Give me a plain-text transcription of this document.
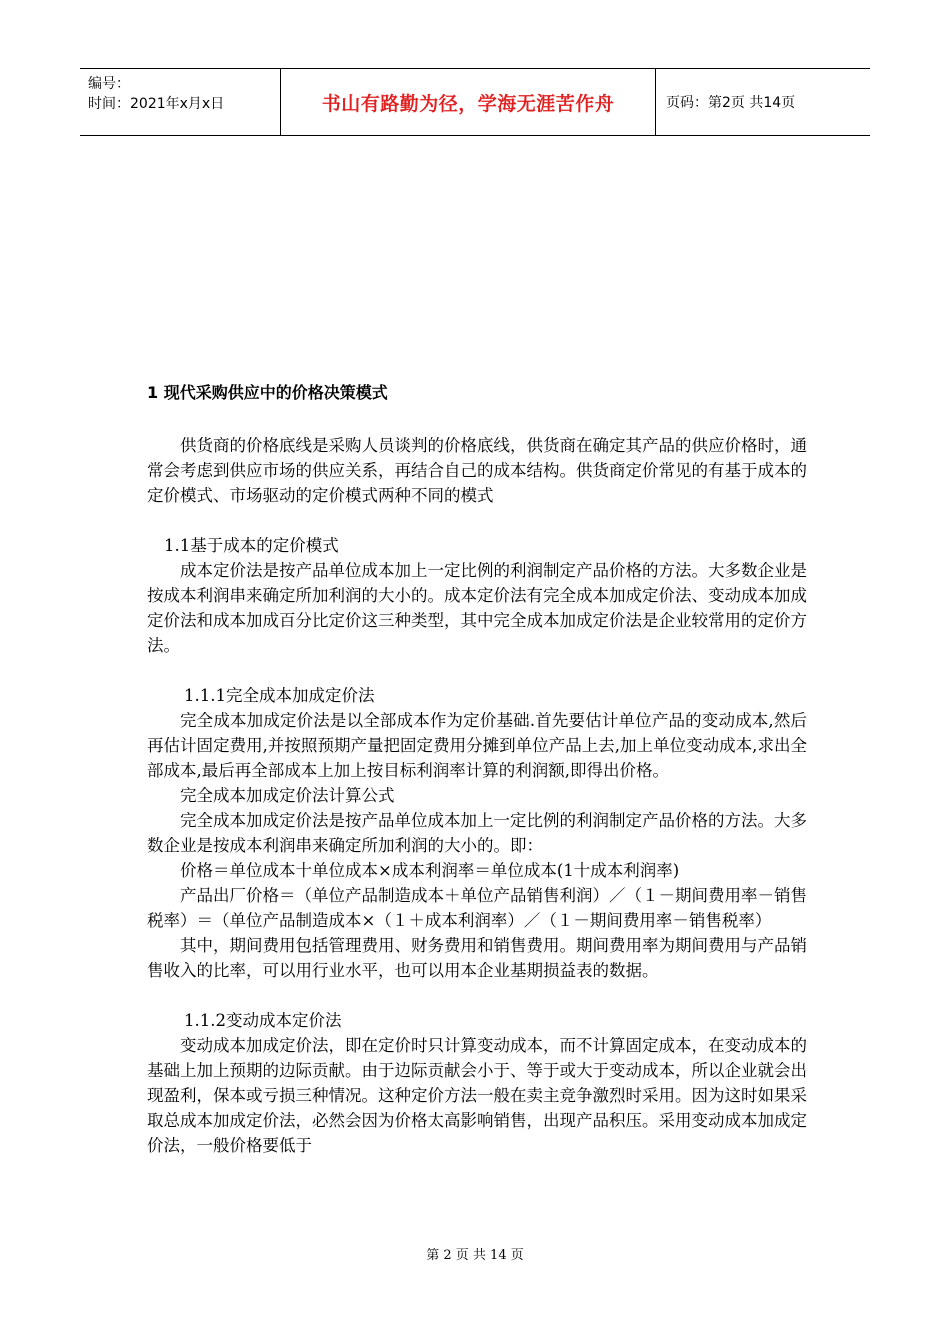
编号：
时间：2021年x月x日	书山有路勤为径，学海无涯苦作舟	页码：第2页 共14页
1 现代采购供应中的价格决策模式

供货商的价格底线是采购人员谈判的价格底线，供货商在确定其产品的供应价格时，通常会考虑到供应市场的供应关系，再结合自己的成本结构。供货商定价常见的有基于成本的定价模式、市场驱动的定价模式两种不同的模式

1.1基于成本的定价模式

成本定价法是按产品单位成本加上一定比例的利润制定产品价格的方法。大多数企业是按成本利润串来确定所加利润的大小的。成本定价法有完全成本加成定价法、变动成本加成定价法和成本加成百分比定价这三种类型，其中完全成本加成定价法是企业较常用的定价方法。

1.1.1完全成本加成定价法

完全成本加成定价法是以全部成本作为定价基础.首先要估计单位产品的变动成本,然后再估计固定费用,并按照预期产量把固定费用分摊到单位产品上去,加上单位变动成本,求出全部成本,最后再全部成本上加上按目标利润率计算的利润额,即得出价格。

完全成本加成定价法计算公式

完全成本加成定价法是按产品单位成本加上一定比例的利润制定产品价格的方法。大多数企业是按成本利润串来确定所加利润的大小的。即：

价格＝单位成本十单位成本×成本利润率＝单位成本(1十成本利润率)

产品出厂价格＝（单位产品制造成本＋单位产品销售利润）／（１－期间费用率－销售税率）＝（单位产品制造成本×（１＋成本利润率）／（１－期间费用率－销售税率）

其中，期间费用包括管理费用、财务费用和销售费用。期间费用率为期间费用与产品销售收入的比率，可以用行业水平，也可以用本企业基期损益表的数据。

1.1.2变动成本定价法

变动成本加成定价法，即在定价时只计算变动成本，而不计算固定成本，在变动成本的基础上加上预期的边际贡献。由于边际贡献会小于、等于或大于变动成本，所以企业就会出现盈利，保本或亏损三种情况。这种定价方法一般在卖主竞争激烈时采用。因为这时如果采取总成本加成定价法，必然会因为价格太高影响销售，出现产品积压。采用变动成本加成定价法，一般价格要低于

第 2 页 共 14 页
